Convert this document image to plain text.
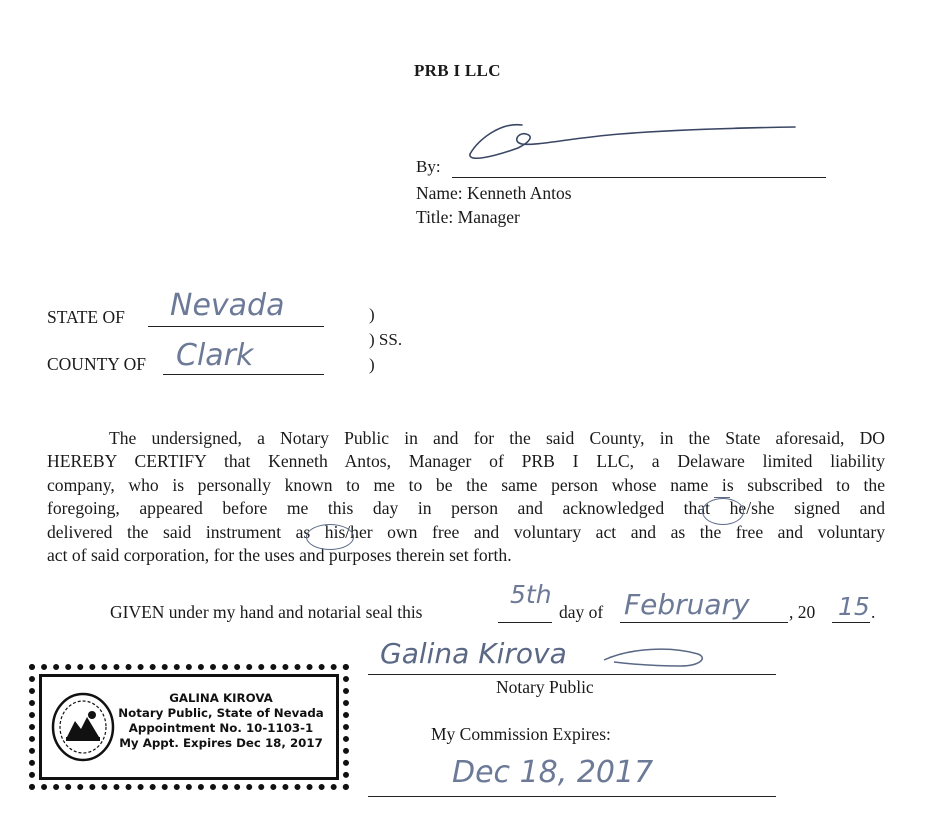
PRB I LLC
By:
Name: Kenneth Antos
Title: Manager
STATE OF Nevada
COUNTY OF Clark
)
) SS.
)
The undersigned, a Notary Public in and for the said County, in the State aforesaid, DO
HEREBY CERTIFY that Kenneth Antos, Manager of PRB I LLC, a Delaware limited liability
company, who is personally known to me to be the same person whose name is subscribed to the
foregoing, appeared before me this day in person and acknowledged that he/she signed and
delivered the said instrument as his/her own free and voluntary act and as the free and voluntary
act of said corporation, for the uses and purposes therein set forth.
GIVEN under my hand and notarial seal this
5th
day of February , 20 15 .
Galina Kirova
Notary Public
My Commission Expires:
Dec 18, 2017
GALINA KIROVA
Notary Public, State of Nevada
Appointment No. 10-1103-1
My Appt. Expires Dec 18, 2017
